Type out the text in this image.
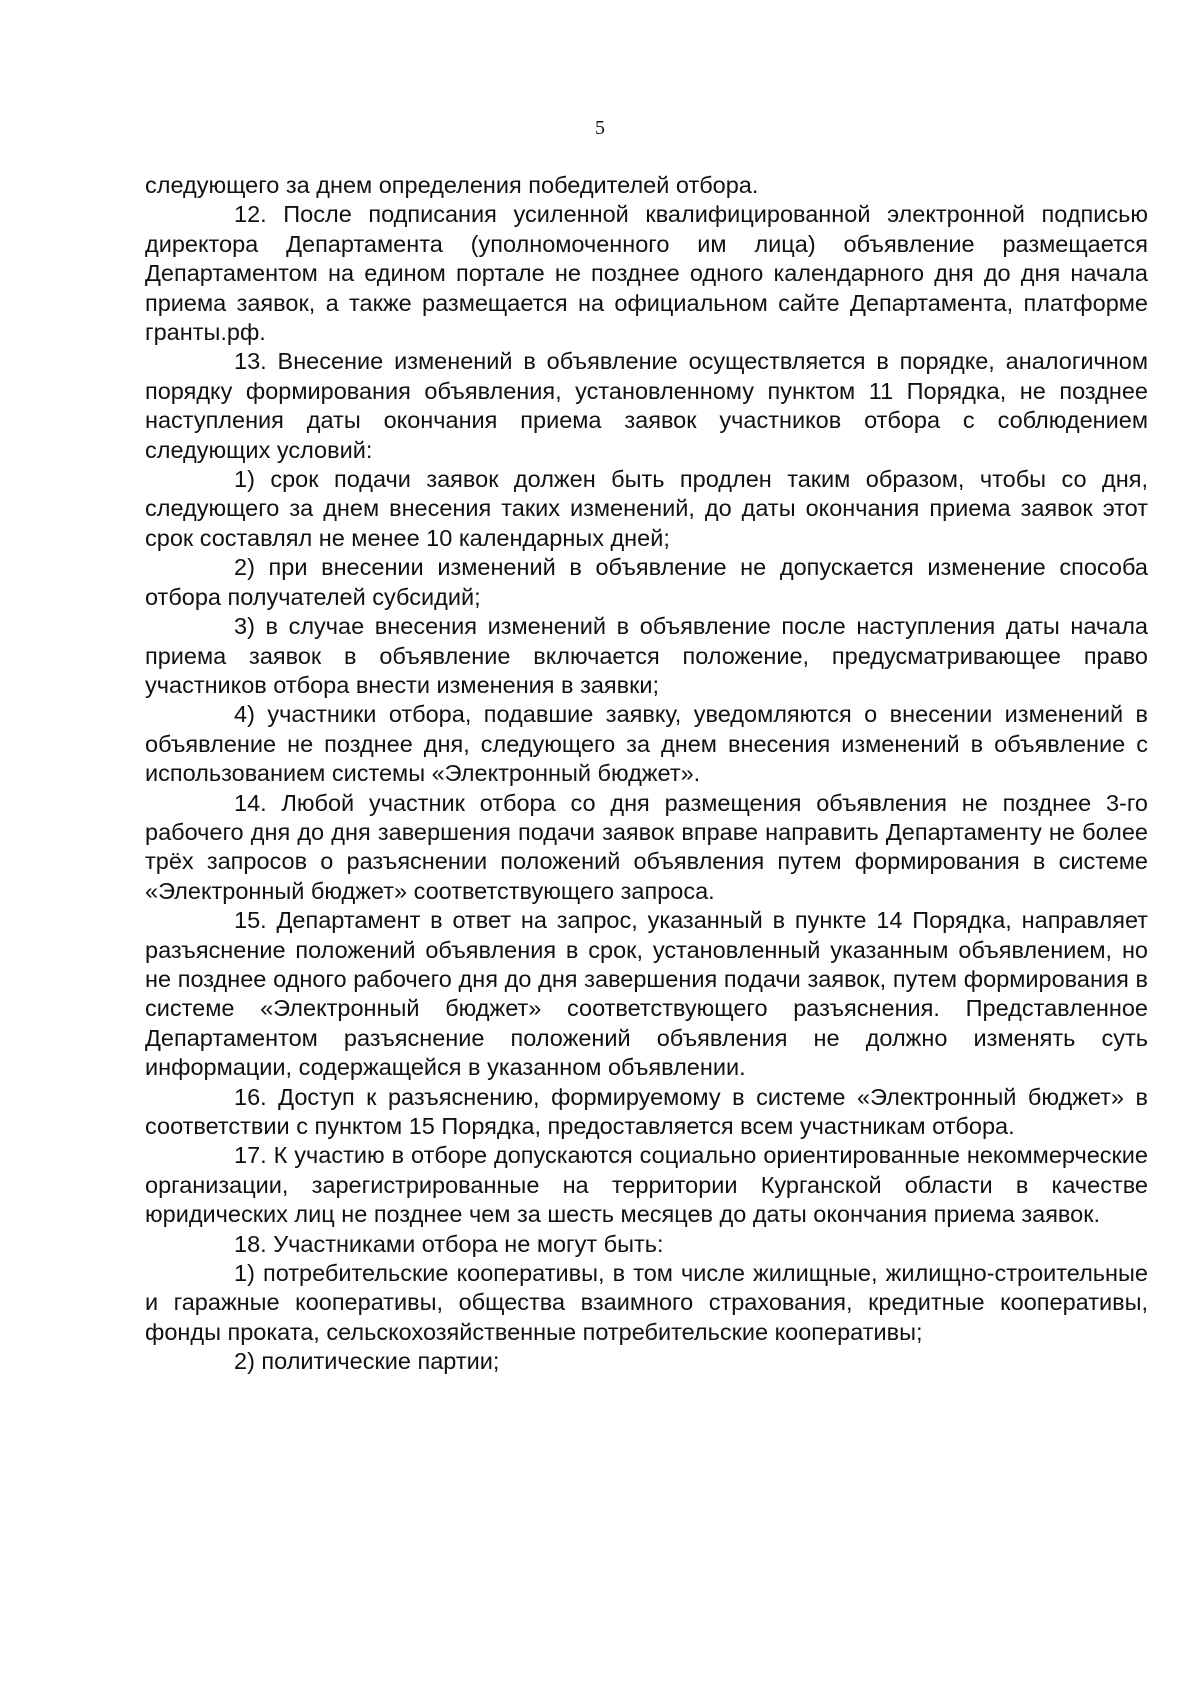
5

следующего за днем определения победителей отбора.

12. После подписания усиленной квалифицированной электронной подписью директора Департамента (уполномоченного им лица) объявление размещается Департаментом на едином портале не позднее одного календарного дня до дня начала приема заявок, а также размещается на официальном сайте Департамента, платформе гранты.рф.

13. Внесение изменений в объявление осуществляется в порядке, аналогичном порядку формирования объявления, установленному пунктом 11 Порядка, не позднее наступления даты окончания приема заявок участников отбора с соблюдением следующих условий:

1) срок подачи заявок должен быть продлен таким образом, чтобы со дня, следующего за днем внесения таких изменений, до даты окончания приема заявок этот срок составлял не менее 10 календарных дней;

2) при внесении изменений в объявление не допускается изменение способа отбора получателей субсидий;

3) в случае внесения изменений в объявление после наступления даты начала приема заявок в объявление включается положение, предусматривающее право участников отбора внести изменения в заявки;

4) участники отбора, подавшие заявку, уведомляются о внесении изменений в объявление не позднее дня, следующего за днем внесения изменений в объявление с использованием системы «Электронный бюджет».

14. Любой участник отбора со дня размещения объявления не позднее 3-го рабочего дня до дня завершения подачи заявок вправе направить Департаменту не более трёх запросов о разъяснении положений объявления путем формирования в системе «Электронный бюджет» соответствующего запроса.

15. Департамент в ответ на запрос, указанный в пункте 14 Порядка, направляет разъяснение положений объявления в срок, установленный указанным объявлением, но не позднее одного рабочего дня до дня завершения подачи заявок, путем формирования в системе «Электронный бюджет» соответствующего разъяснения. Представленное Департаментом разъяснение положений объявления не должно изменять суть информации, содержащейся в указанном объявлении.

16. Доступ к разъяснению, формируемому в системе «Электронный бюджет» в соответствии с пунктом 15 Порядка, предоставляется всем участникам отбора.

17. К участию в отборе допускаются социально ориентированные некоммерческие организации, зарегистрированные на территории Курганской области в качестве юридических лиц не позднее чем за шесть месяцев до даты окончания приема заявок.

18. Участниками отбора не могут быть:

1) потребительские кооперативы, в том числе жилищные, жилищно-строительные и гаражные кооперативы, общества взаимного страхования, кредитные кооперативы, фонды проката, сельскохозяйственные потребительские кооперативы;

2) политические партии;
